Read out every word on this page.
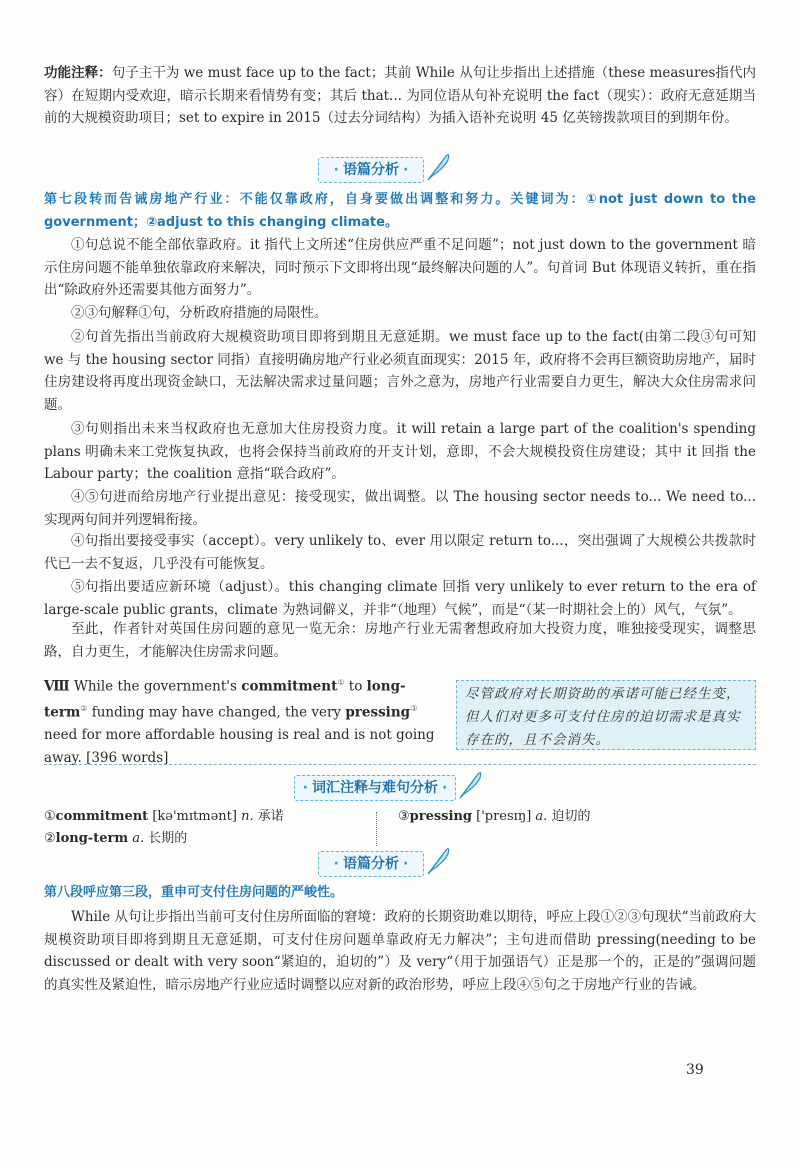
功能注释：句子主干为 we must face up to the fact；其前 While 从句让步指出上述措施（these measures指代内容）在短期内受欢迎，暗示长期来看情势有变；其后 that... 为同位语从句补充说明 the fact（现实）：政府无意延期当前的大规模资助项目；set to expire in 2015（过去分词结构）为插入语补充说明 45 亿英镑拨款项目的到期年份。
· 语篇分析 ·
第七段转而告诫房地产行业：不能仅靠政府，自身要做出调整和努力。关键词为：①not just down to the government；②adjust to this changing climate。
①句总说不能全部依靠政府。it 指代上文所述“住房供应严重不足问题”；not just down to the government 暗示住房问题不能单独依靠政府来解决，同时预示下文即将出现“最终解决问题的人”。句首词 But 体现语义转折，重在指出“除政府外还需要其他方面努力”。
②③句解释①句，分析政府措施的局限性。
②句首先指出当前政府大规模资助项目即将到期且无意延期。we must face up to the fact(由第二段③句可知 we 与 the housing sector 同指）直接明确房地产行业必须直面现实：2015 年，政府将不会再巨额资助房地产，届时住房建设将再度出现资金缺口，无法解决需求过量问题；言外之意为，房地产行业需要自力更生，解决大众住房需求问题。
③句则指出未来当权政府也无意加大住房投资力度。it will retain a large part of the coalition's spending plans 明确未来工党恢复执政，也将会保持当前政府的开支计划，意即，不会大规模投资住房建设；其中 it 回指 the Labour party；the coalition 意指“联合政府”。
④⑤句进而给房地产行业提出意见：接受现实，做出调整。以 The housing sector needs to... We need to... 实现两句间并列逻辑衔接。
④句指出要接受事实（accept）。very unlikely to、ever 用以限定 return to...，突出强调了大规模公共拨款时代已一去不复返，几乎没有可能恢复。
⑤句指出要适应新环境（adjust）。this changing climate 回指 very unlikely to ever return to the era of large-scale public grants，climate 为熟词僻义，并非“（地理）气候”，而是“（某一时期社会上的）风气，气氛”。
至此，作者针对英国住房问题的意见一览无余：房地产行业无需奢想政府加大投资力度，唯独接受现实，调整思路，自力更生，才能解决住房需求问题。
Ⅷ While the government's commitment① to long-term② funding may have changed, the very pressing③ need for more affordable housing is real and is not going away. [396 words]
尽管政府对长期资助的承诺可能已经生变，但人们对更多可支付住房的迫切需求是真实存在的，且不会消失。
· 词汇注释与难句分析 ·
①commitment [kə'mɪtmənt] n. 承诺
②long-term a. 长期的
③pressing ['presɪŋ] a. 迫切的
· 语篇分析 ·
第八段呼应第三段，重申可支付住房问题的严峻性。
While 从句让步指出当前可支付住房所面临的窘境：政府的长期资助难以期待，呼应上段①②③句现状“当前政府大规模资助项目即将到期且无意延期，可支付住房问题单靠政府无力解决”；主句进而借助 pressing(needing to be discussed or dealt with very soon“紧迫的，迫切的”）及 very“（用于加强语气）正是那一个的，正是的”强调问题的真实性及紧迫性，暗示房地产行业应适时调整以应对新的政治形势，呼应上段④⑤句之于房地产行业的告诫。
39
